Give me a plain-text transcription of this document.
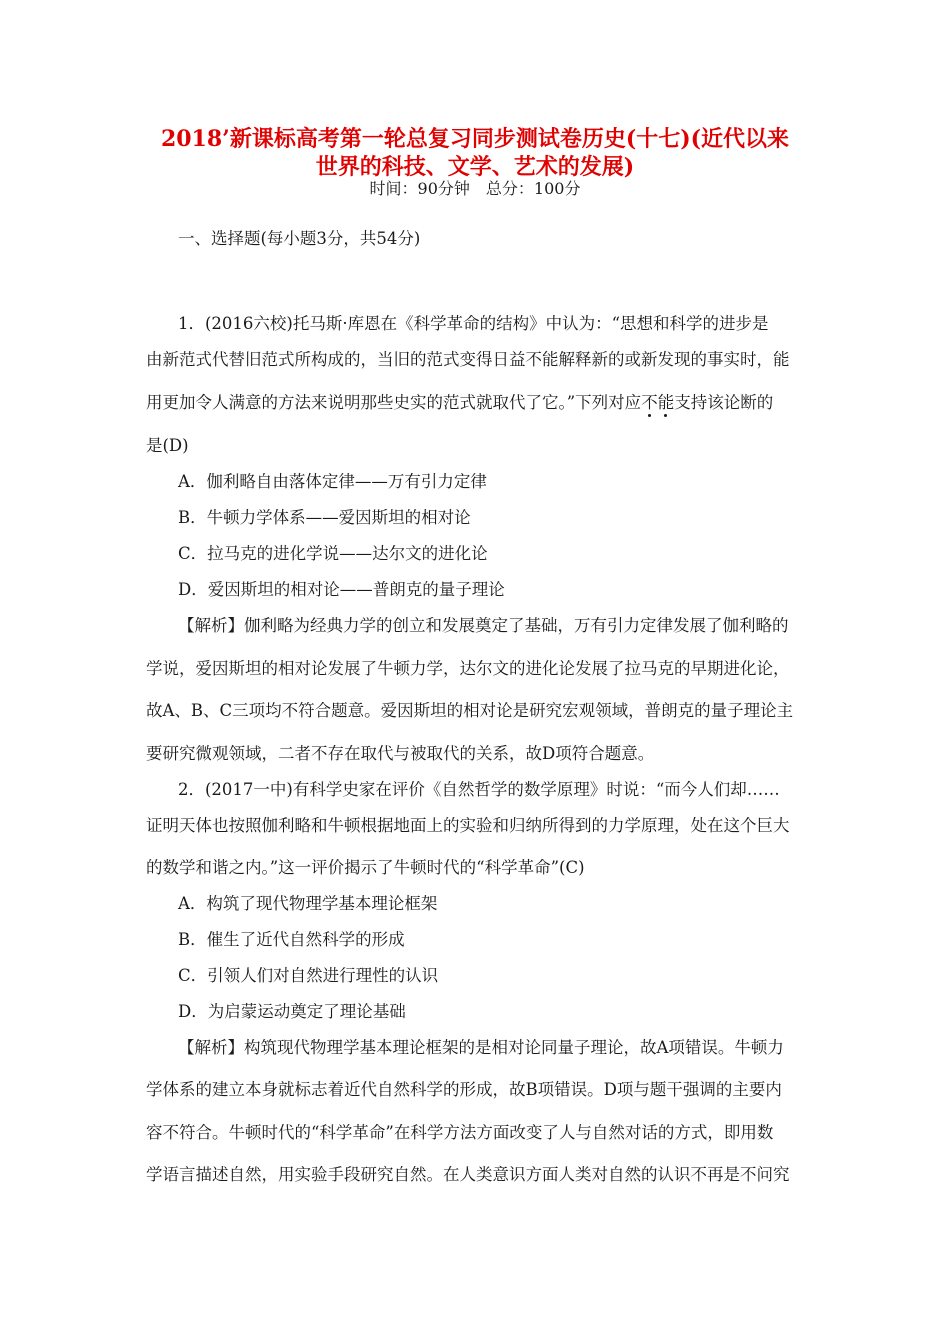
2018’新课标高考第一轮总复习同步测试卷历史(十七)(近代以来
世界的科技、文学、艺术的发展)
时间：90分钟　总分：100分
一、选择题(每小题3分，共54分)
1．(2016六校)托马斯·库恩在《科学革命的结构》中认为：“思想和科学的进步是
由新范式代替旧范式所构成的，当旧的范式变得日益不能解释新的或新发现的事实时，能
用更加令人满意的方法来说明那些史实的范式就取代了它。”下列对应不能支持该论断的
是(D)
A．伽利略自由落体定律——万有引力定律
B．牛顿力学体系——爱因斯坦的相对论
C．拉马克的进化学说——达尔文的进化论
D．爱因斯坦的相对论——普朗克的量子理论
【解析】伽利略为经典力学的创立和发展奠定了基础，万有引力定律发展了伽利略的
学说，爱因斯坦的相对论发展了牛顿力学，达尔文的进化论发展了拉马克的早期进化论，
故A、B、C三项均不符合题意。爱因斯坦的相对论是研究宏观领域，普朗克的量子理论主
要研究微观领域，二者不存在取代与被取代的关系，故D项符合题意。
2．(2017一中)有科学史家在评价《自然哲学的数学原理》时说：“而今人们却……
证明天体也按照伽利略和牛顿根据地面上的实验和归纳所得到的力学原理，处在这个巨大
的数学和谐之内。”这一评价揭示了牛顿时代的“科学革命”(C)
A．构筑了现代物理学基本理论框架
B．催生了近代自然科学的形成
C．引领人们对自然进行理性的认识
D．为启蒙运动奠定了理论基础
【解析】构筑现代物理学基本理论框架的是相对论同量子理论，故A项错误。牛顿力
学体系的建立本身就标志着近代自然科学的形成，故B项错误。D项与题干强调的主要内
容不符合。牛顿时代的“科学革命”在科学方法方面改变了人与自然对话的方式，即用数
学语言描述自然，用实验手段研究自然。在人类意识方面人类对自然的认识不再是不问究
